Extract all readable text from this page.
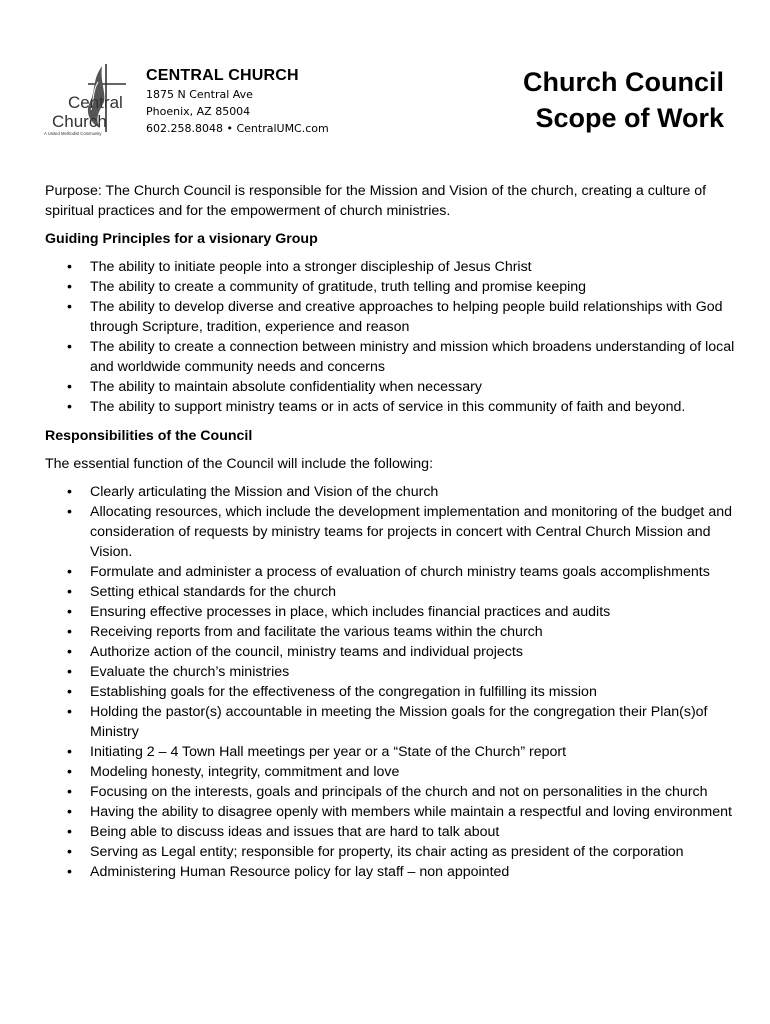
Central
Church
A United Methodist Community
CENTRAL CHURCH
1875 N Central Ave
Phoenix, AZ 85004
602.258.8048 • CentralUMC.com
Church Council
Scope of Work

Purpose: The Church Council is responsible for the Mission and Vision of the church, creating a culture of spiritual practices and for the empowerment of church ministries.

Guiding Principles for a visionary Group
• The ability to initiate people into a stronger discipleship of Jesus Christ
• The ability to create a community of gratitude, truth telling and promise keeping
• The ability to develop diverse and creative approaches to helping people build relationships with God through Scripture, tradition, experience and reason
• The ability to create a connection between ministry and mission which broadens understanding of local and worldwide community needs and concerns
• The ability to maintain absolute confidentiality when necessary
• The ability to support ministry teams or in acts of service in this community of faith and beyond.
Responsibilities of the Council

The essential function of the Council will include the following:

• Clearly articulating the Mission and Vision of the church
• Allocating resources, which include the development implementation and monitoring of the budget and consideration of requests by ministry teams for projects in concert with Central Church Mission and Vision.
• Formulate and administer a process of evaluation of church ministry teams goals accomplishments
• Setting ethical standards for the church
• Ensuring effective processes in place, which includes financial practices and audits
• Receiving reports from and facilitate the various teams within the church
• Authorize action of the council, ministry teams and individual projects
• Evaluate the church’s ministries
• Establishing goals for the effectiveness of the congregation in fulfilling its mission
• Holding the pastor(s) accountable in meeting the Mission goals for the congregation their Plan(s)of Ministry
• Initiating 2 – 4 Town Hall meetings per year or a “State of the Church” report
• Modeling honesty, integrity, commitment and love
• Focusing on the interests, goals and principals of the church and not on personalities in the church
• Having the ability to disagree openly with members while maintain a respectful and loving environment
• Being able to discuss ideas and issues that are hard to talk about
• Serving as Legal entity; responsible for property, its chair acting as president of the corporation
• Administering Human Resource policy for lay staff – non appointed
